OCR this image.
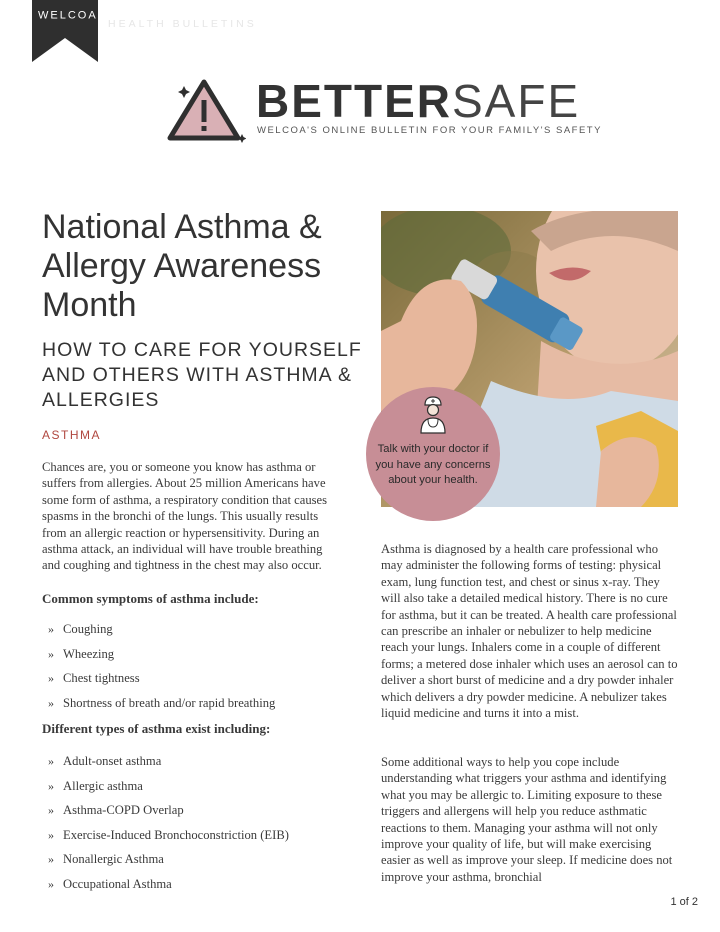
WELCOA•
HEALTH BULLETINS
BETTERSAFE
WELCOA'S ONLINE BULLETIN FOR YOUR FAMILY'S SAFETY
National Asthma & Allergy Awareness Month
HOW TO CARE FOR YOURSELF AND OTHERS WITH ASTHMA & ALLERGIES
ASTHMA
Chances are, you or someone you know has asthma or suffers from allergies. About 25 million Americans have some form of asthma, a respiratory condition that causes spasms in the bronchi of the lungs. This usually results from an allergic reaction or hypersensitivity. During an asthma attack, an individual will have trouble breathing and coughing and tightness in the chest may also occur.
Common symptoms of asthma include:
» Coughing
» Wheezing
» Chest tightness
» Shortness of breath and/or rapid breathing
Different types of asthma exist including:
» Adult-onset asthma
» Allergic asthma
» Asthma-COPD Overlap
» Exercise-Induced Bronchoconstriction (EIB)
» Nonallergic Asthma
» Occupational Asthma
Talk with your doctor if you have any concerns about your health.
Asthma is diagnosed by a health care professional who may administer the following forms of testing: physical exam, lung function test, and chest or sinus x-ray. They will also take a detailed medical history. There is no cure for asthma, but it can be treated. A health care professional can prescribe an inhaler or nebulizer to help medicine reach your lungs. Inhalers come in a couple of different forms; a metered dose inhaler which uses an aerosol can to deliver a short burst of medicine and a dry powder inhaler which delivers a dry powder medicine. A nebulizer takes liquid medicine and turns it into a mist.
Some additional ways to help you cope include understanding what triggers your asthma and identifying what you may be allergic to. Limiting exposure to these triggers and allergens will help you reduce asthmatic reactions to them. Managing your asthma will not only improve your quality of life, but will make exercising easier as well as improve your sleep. If medicine does not improve your asthma, bronchial
1 of 2
